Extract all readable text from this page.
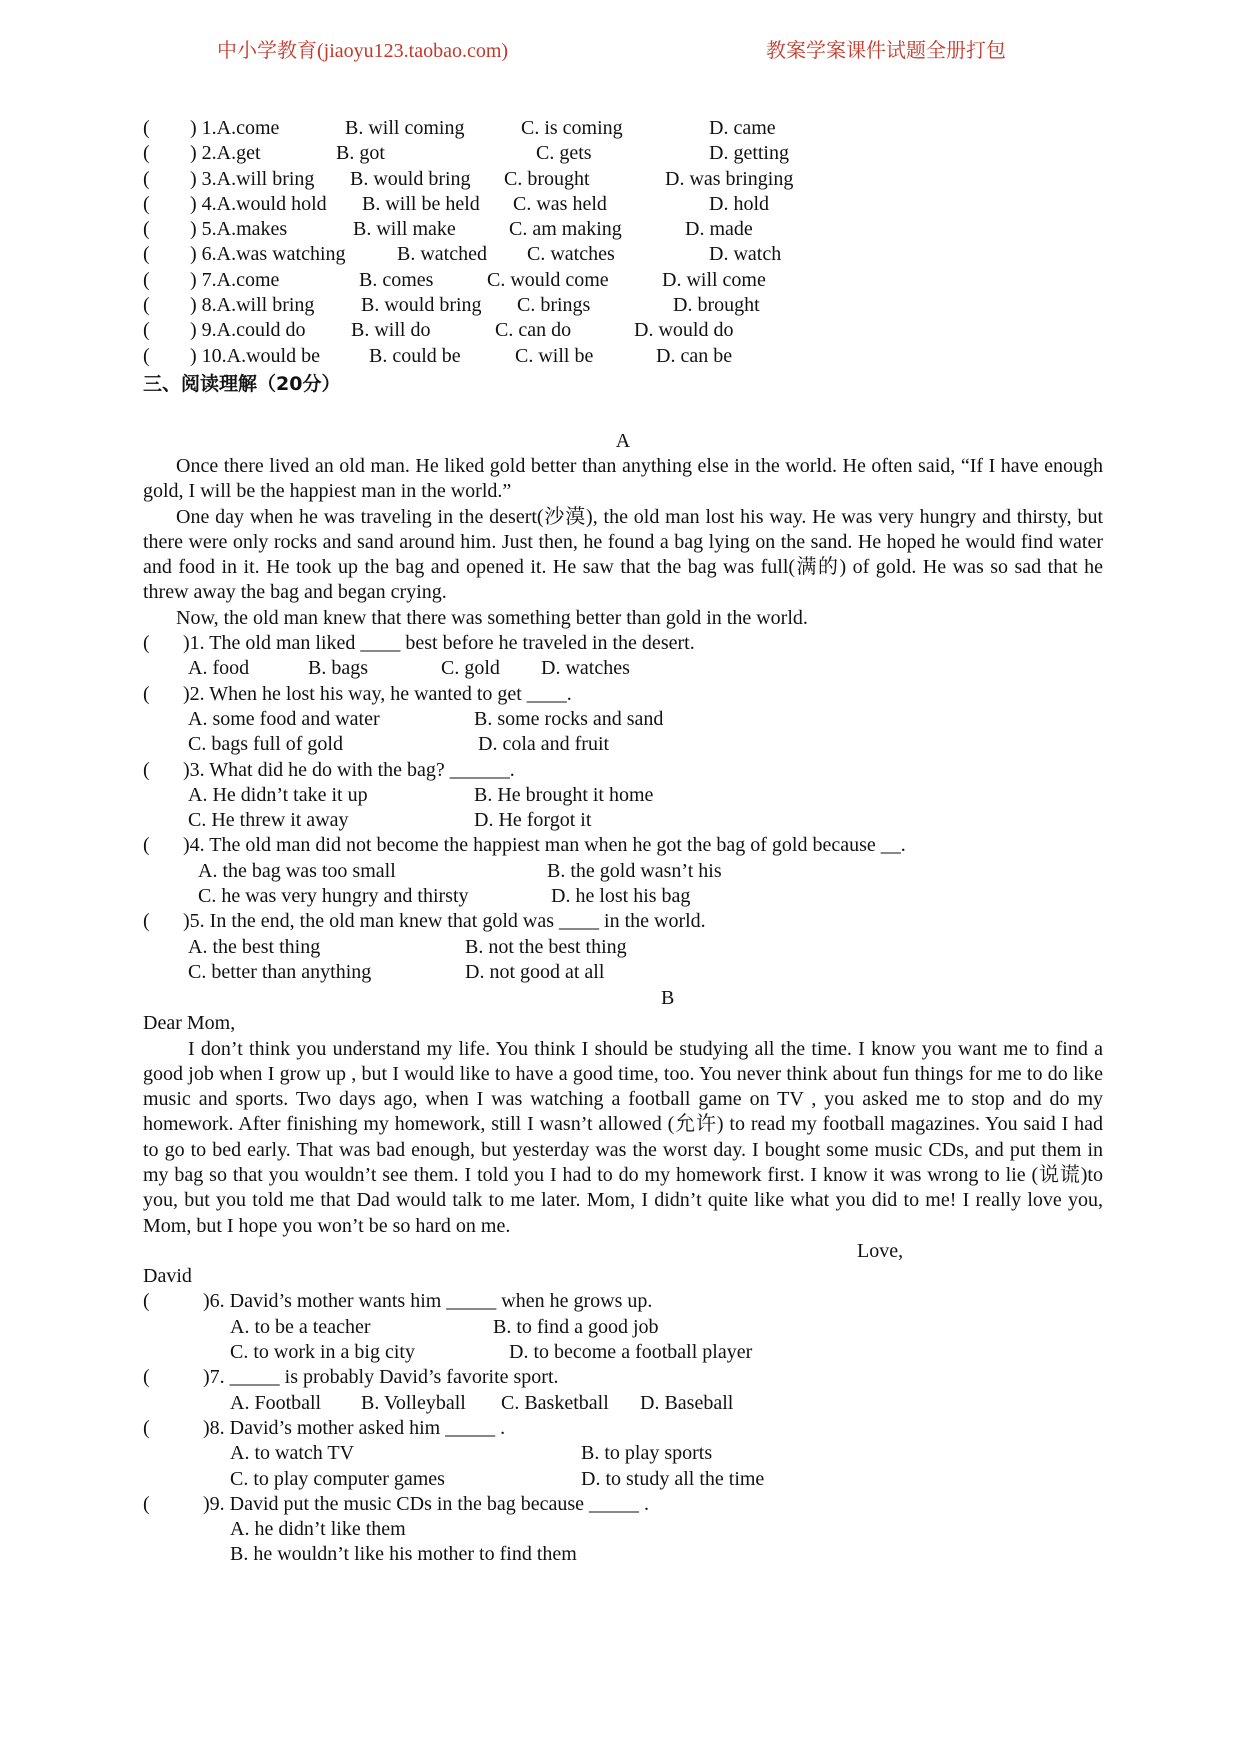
中小学教育(jiaoyu123.taobao.com)	教案学案课件试题全册打包
( ) 1.A.come	B. will coming	C. is coming	D. came
( ) 2.A.get	B. got	C. gets	D. getting
( ) 3.A.will bring B. would bring C. brought	D. was bringing
( ) 4.A.would hold B. will be held C. was held	D. hold
( ) 5.A.makes	B. will make	C. am making	D. made
( ) 6.A.was watching	B. watched C. watches	D. watch
( ) 7.A.come	B. comes	C. would come	D. will come
( ) 8.A.will bring B. would bring C. brings	D. brought
( ) 9.A.could do B. will do	C. can do	D. would do
( ) 10.A.would be B. could be	C. will be	D. can be
三、阅读理解（20分）
A

Once there lived an old man. He liked gold better than anything else in the world. He often said, “If I have enough gold, I will be the happiest man in the world.”

One day when he was traveling in the desert(沙漠), the old man lost his way. He was very hungry and thirsty, but there were only rocks and sand around him. Just then, he found a bag lying on the sand. He hoped he would find water and food in it. He took up the bag and opened it. He saw that the bag was full(满的) of gold. He was so sad that he threw away the bag and began crying.

Now, the old man knew that there was something better than gold in the world.

( )1. The old man liked ____ best before he traveled in the desert.
A. food	B. bags	C. gold D. watches
( )2. When he lost his way, he wanted to get ____.
A. some food and water	B. some rocks and sand
C. bags full of gold	D. cola and fruit
( )3. What did he do with the bag? ______.
A. He didn’t take it up	B. He brought it home
C. He threw it away	D. He forgot it
( )4. The old man did not become the happiest man when he got the bag of gold because __.
A. the bag was too small	B. the gold wasn’t his
C. he was very hungry and thirsty	D. he lost his bag
( )5. In the end, the old man knew that gold was ____ in the world.
A. the best thing	B. not the best thing
C. better than anything	D. not good at all
B
Dear Mom,

I don’t think you understand my life. You think I should be studying all the time. I know you want me to find a good job when I grow up , but I would like to have a good time, too. You never think about fun things for me to do like music and sports. Two days ago, when I was watching a football game on TV , you asked me to stop and do my homework. After finishing my homework, still I wasn’t allowed (允许) to read my football magazines. You said I had to go to bed early. That was bad enough, but yesterday was the worst day. I bought some music CDs, and put them in my bag so that you wouldn’t see them. I told you I had to do my homework first. I know it was wrong to lie (说谎)to you, but you told me that Dad would talk to me later. Mom, I didn’t quite like what you did to me! I really love you, Mom, but I hope you won’t be so hard on me.

Love,
David
(	)6. David’s mother wants him _____ when he grows up.
A. to be a teacher	B. to find a good job
C. to work in a big city	D. to become a football player
(	)7. _____ is probably David’s favorite sport.
A. Football B. Volleyball C. Basketball D. Baseball
(	)8. David’s mother asked him _____ .
A. to watch TV	B. to play sports
C. to play computer games	D. to study all the time
(	)9. David put the music CDs in the bag because _____ .
A. he didn’t like them
B. he wouldn’t like his mother to find them
